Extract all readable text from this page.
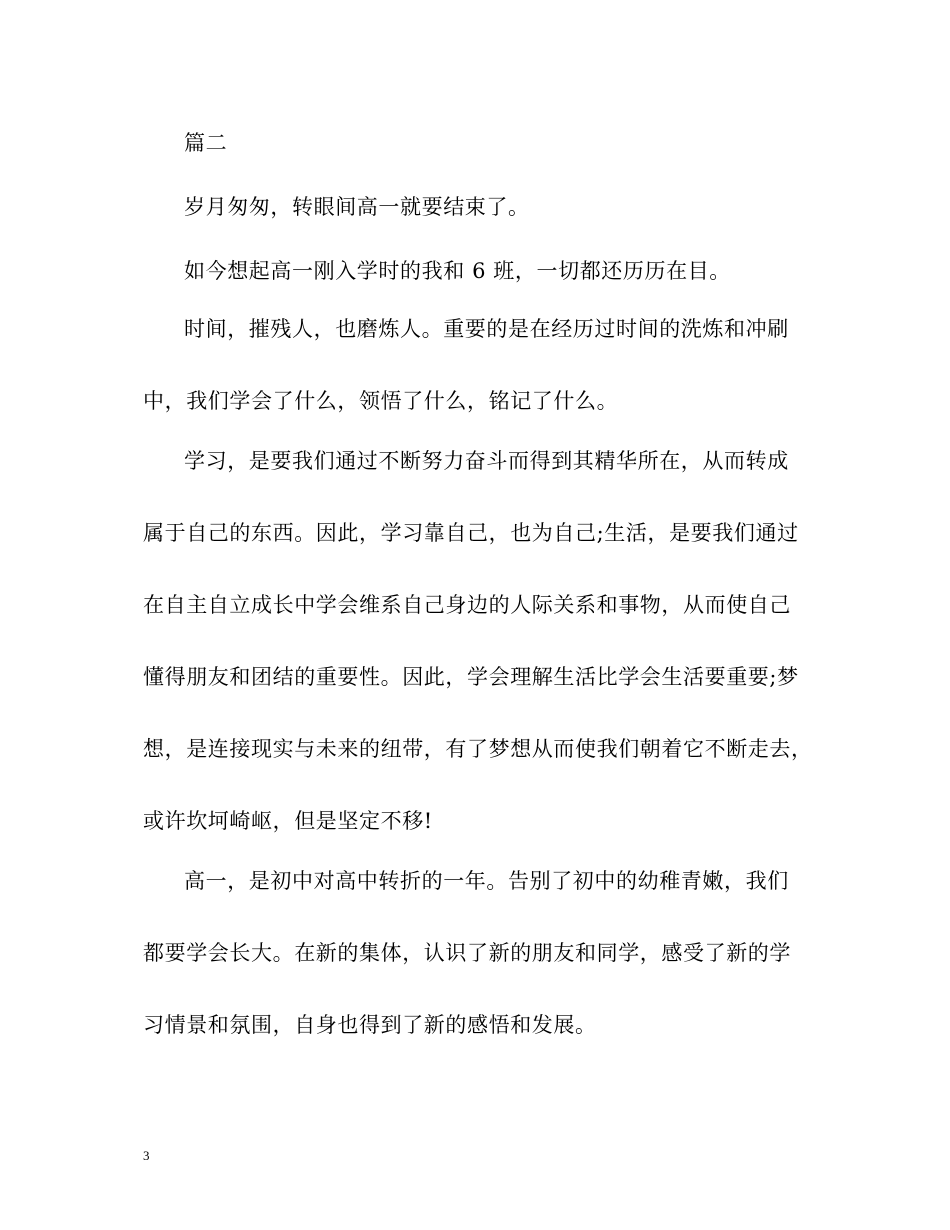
篇二
岁月匆匆，转眼间高一就要结束了。
如今想起高一刚入学时的我和 6 班，一切都还历历在目。
时间，摧残人，也磨炼人。重要的是在经历过时间的洗炼和冲刷
中，我们学会了什么，领悟了什么，铭记了什么。
学习，是要我们通过不断努力奋斗而得到其精华所在，从而转成
属于自己的东西。因此，学习靠自己，也为自己;生活，是要我们通过
在自主自立成长中学会维系自己身边的人际关系和事物，从而使自己
懂得朋友和团结的重要性。因此，学会理解生活比学会生活要重要;梦
想，是连接现实与未来的纽带，有了梦想从而使我们朝着它不断走去，
或许坎坷崎岖，但是坚定不移!
高一，是初中对高中转折的一年。告别了初中的幼稚青嫩，我们
都要学会长大。在新的集体，认识了新的朋友和同学，感受了新的学
习情景和氛围，自身也得到了新的感悟和发展。
3
